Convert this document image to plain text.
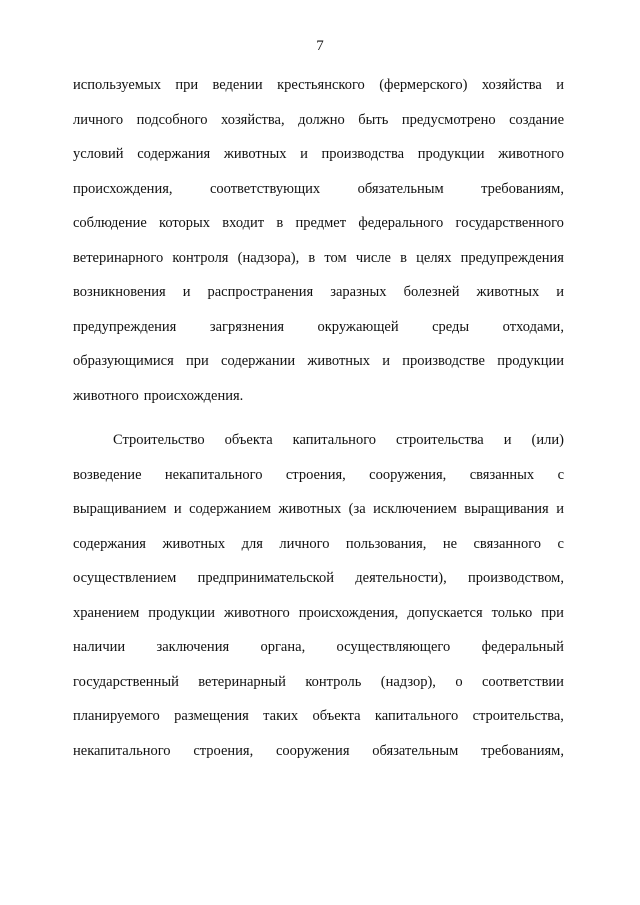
7
используемых при ведении крестьянского (фермерского) хозяйства и
личного подсобного хозяйства, должно быть предусмотрено создание
условий содержания животных и производства продукции животного
происхождения,	соответствующих	обязательным	требованиям,
соблюдение которых входит в предмет федерального государственного
ветеринарного контроля (надзора), в том числе в целях предупреждения
возникновения и распространения заразных болезней животных и
предупреждения загрязнения окружающей среды отходами,
образующимися при содержании животных и производстве продукции
животного происхождения.
Строительство объекта капитального строительства и (или)
возведение некапитального строения, сооружения, связанных с
выращиванием и содержанием животных (за исключением выращивания и
содержания животных для личного пользования, не связанного с
осуществлением предпринимательской деятельности), производством,
хранением продукции животного происхождения, допускается только при
наличии заключения органа, осуществляющего федеральный
государственный ветеринарный контроль (надзор), о соответствии
планируемого размещения таких объекта капитального строительства,
некапитального строения, сооружения обязательным требованиям,
